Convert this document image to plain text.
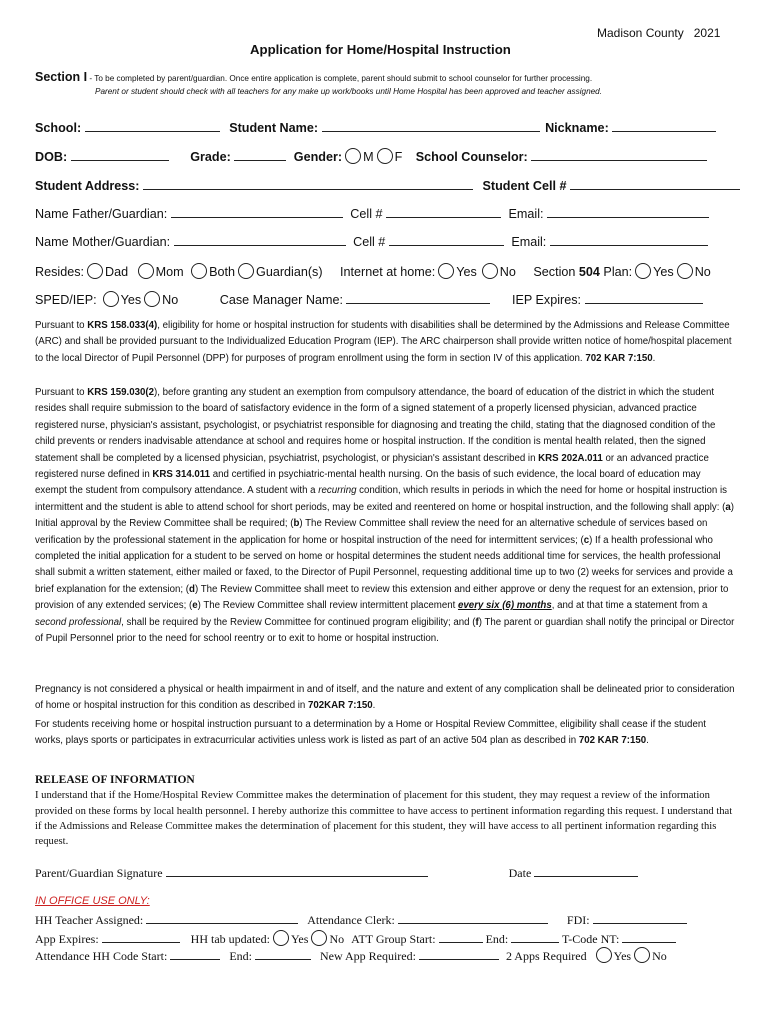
Madison County 2021
Application for Home/Hospital Instruction
Section I - To be completed by parent/guardian. Once entire application is complete, parent should submit to school counselor for further processing.
Parent or student should check with all teachers for any make up work/books until Home Hospital has been approved and teacher assigned.
School:	Student Name:	Nickname:
DOB:	Grade:	Gender: M F School Counselor:
Student Address:	Student Cell #
Name Father/Guardian:	Cell #	Email:
Name Mother/Guardian:	Cell #	Email:
Resides: Dad Mom Both Guardian(s) Internet at home: Yes No Section 504 Plan: Yes No
SPED/IEP: Yes No	Case Manager Name:	IEP Expires:

Pursuant to KRS 158.033(4), eligibility for home or hospital instruction for students with disabilities shall be determined by the Admissions and Release Committee (ARC) and shall be provided pursuant to the Individualized Education Program (IEP). The ARC chairperson shall provide written notice of home/hospital placement to the local Director of Pupil Personnel (DPP) for purposes of program enrollment using the form in section IV of this application. 702 KAR 7:150.

Pursuant to KRS 159.030(2), before granting any student an exemption from compulsory attendance, the board of education of the district in which the student resides shall require submission to the board of satisfactory evidence in the form of a signed statement of a properly licensed physician, advanced practice registered nurse, physician's assistant, psychologist, or psychiatrist responsible for diagnosing and treating the child, stating that the diagnosed condition of the child prevents or renders inadvisable attendance at school and requires home or hospital instruction. If the condition is mental health related, then the signed statement shall be completed by a licensed physician, psychiatrist, psychologist, or physician's assistant described in KRS 202A.011 or an advanced practice registered nurse defined in KRS 314.011 and certified in psychiatric-mental health nursing. On the basis of such evidence, the local board of education may exempt the student from compulsory attendance. A student with a recurring condition, which results in periods in which the need for home or hospital instruction is intermittent and the student is able to attend school for short periods, may be exited and reentered on home or hospital instruction, and the following shall apply: (a) Initial approval by the Review Committee shall be required; (b) The Review Committee shall review the need for an alternative schedule of services based on verification by the professional statement in the application for home or hospital instruction of the need for intermittent services; (c) If a health professional who completed the initial application for a student to be served on home or hospital determines the student needs additional time for services, the health professional shall submit a written statement, either mailed or faxed, to the Director of Pupil Personnel, requesting additional time up to two (2) weeks for services and provide a brief explanation for the extension; (d) The Review Committee shall meet to review this extension and either approve or deny the request for an extension, prior to provision of any extended services; (e) The Review Committee shall review intermittent placement every six (6) months, and at that time a statement from a second professional, shall be required by the Review Committee for continued program eligibility; and (f) The parent or guardian shall notify the principal or Director of Pupil Personnel prior to the need for school reentry or to exit to home or hospital instruction.

Pregnancy is not considered a physical or health impairment in and of itself, and the nature and extent of any complication shall be delineated prior to consideration of home or hospital instruction for this condition as described in 702KAR 7:150.

For students receiving home or hospital instruction pursuant to a determination by a Home or Hospital Review Committee, eligibility shall cease if the student works, plays sports or participates in extracurricular activities unless work is listed as part of an active 504 plan as described in 702 KAR 7:150.

RELEASE OF INFORMATION
I understand that if the Home/Hospital Review Committee makes the determination of placement for this student, they may request a review of the information provided on these forms by local health personnel. I hereby authorize this committee to have access to pertinent information regarding this request. I understand that if the Admissions and Release Committee makes the determination of placement for this student, they will have access to all pertinent information regarding this request.
Parent/Guardian Signature	Date
IN OFFICE USE ONLY:
HH Teacher Assigned:	Attendance Clerk:	FDI:
App Expires:	HH tab updated: Yes No ATT Group Start:	End:	T-Code NT:
Attendance HH Code Start:	End:	New App Required:	2 Apps Required Yes No
